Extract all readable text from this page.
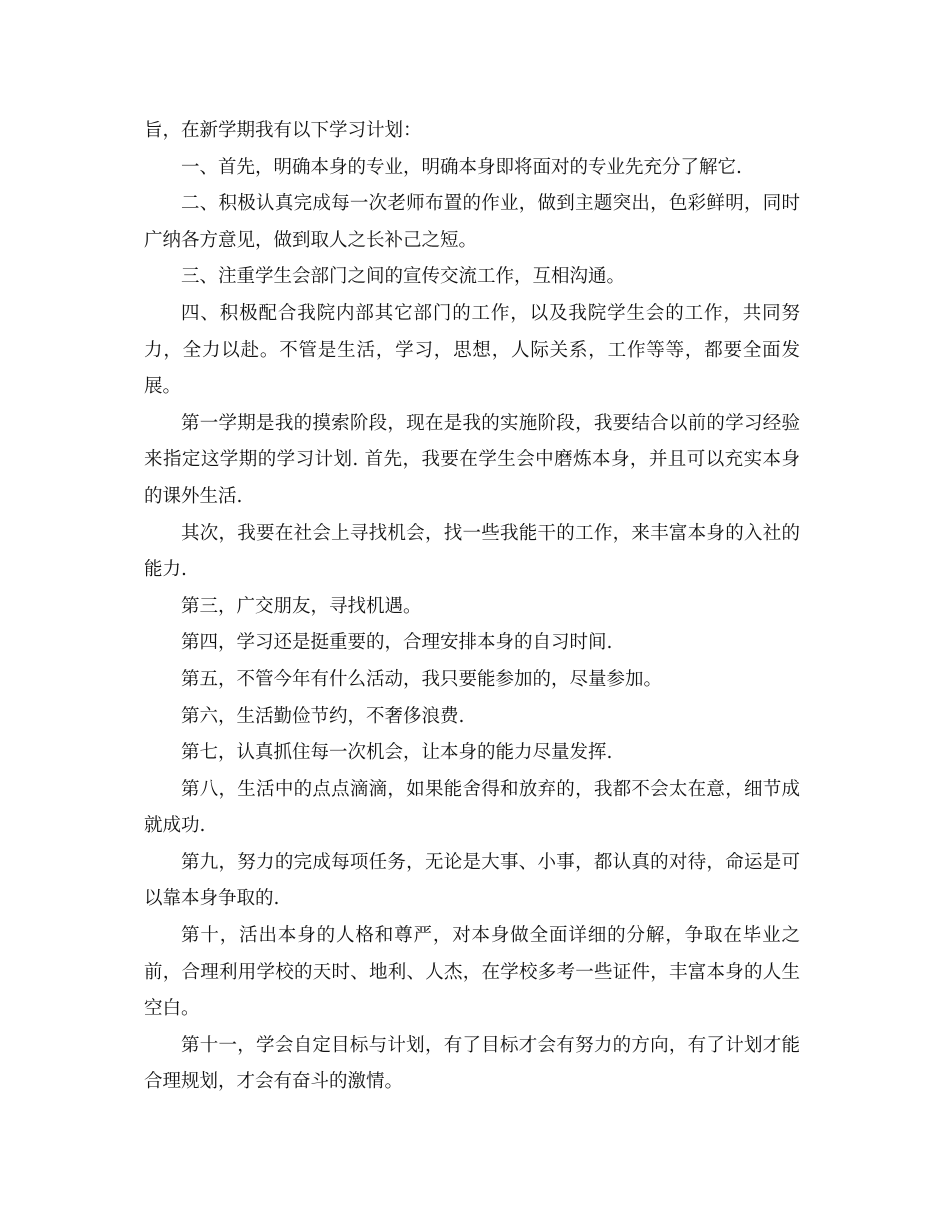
旨，在新学期我有以下学习计划：

一、首先，明确本身的专业，明确本身即将面对的专业先充分了解它.

二、积极认真完成每一次老师布置的作业，做到主题突出，色彩鲜明，同时广纳各方意见，做到取人之长补己之短。

三、注重学生会部门之间的宣传交流工作，互相沟通。

四、积极配合我院内部其它部门的工作，以及我院学生会的工作，共同努力，全力以赴。不管是生活，学习，思想，人际关系，工作等等，都要全面发展。

第一学期是我的摸索阶段，现在是我的实施阶段，我要结合以前的学习经验来指定这学期的学习计划. 首先，我要在学生会中磨炼本身，并且可以充实本身的课外生活.

其次，我要在社会上寻找机会，找一些我能干的工作，来丰富本身的入社的能力.

第三，广交朋友，寻找机遇。

第四，学习还是挺重要的，合理安排本身的自习时间.

第五，不管今年有什么活动，我只要能参加的，尽量参加。

第六，生活勤俭节约，不奢侈浪费.

第七，认真抓住每一次机会，让本身的能力尽量发挥.

第八，生活中的点点滴滴，如果能舍得和放弃的，我都不会太在意，细节成就成功.

第九，努力的完成每项任务，无论是大事、小事，都认真的对待，命运是可以靠本身争取的.

第十，活出本身的人格和尊严，对本身做全面详细的分解，争取在毕业之前，合理利用学校的天时、地利、人杰，在学校多考一些证件，丰富本身的人生空白。

第十一，学会自定目标与计划，有了目标才会有努力的方向，有了计划才能合理规划，才会有奋斗的激情。
